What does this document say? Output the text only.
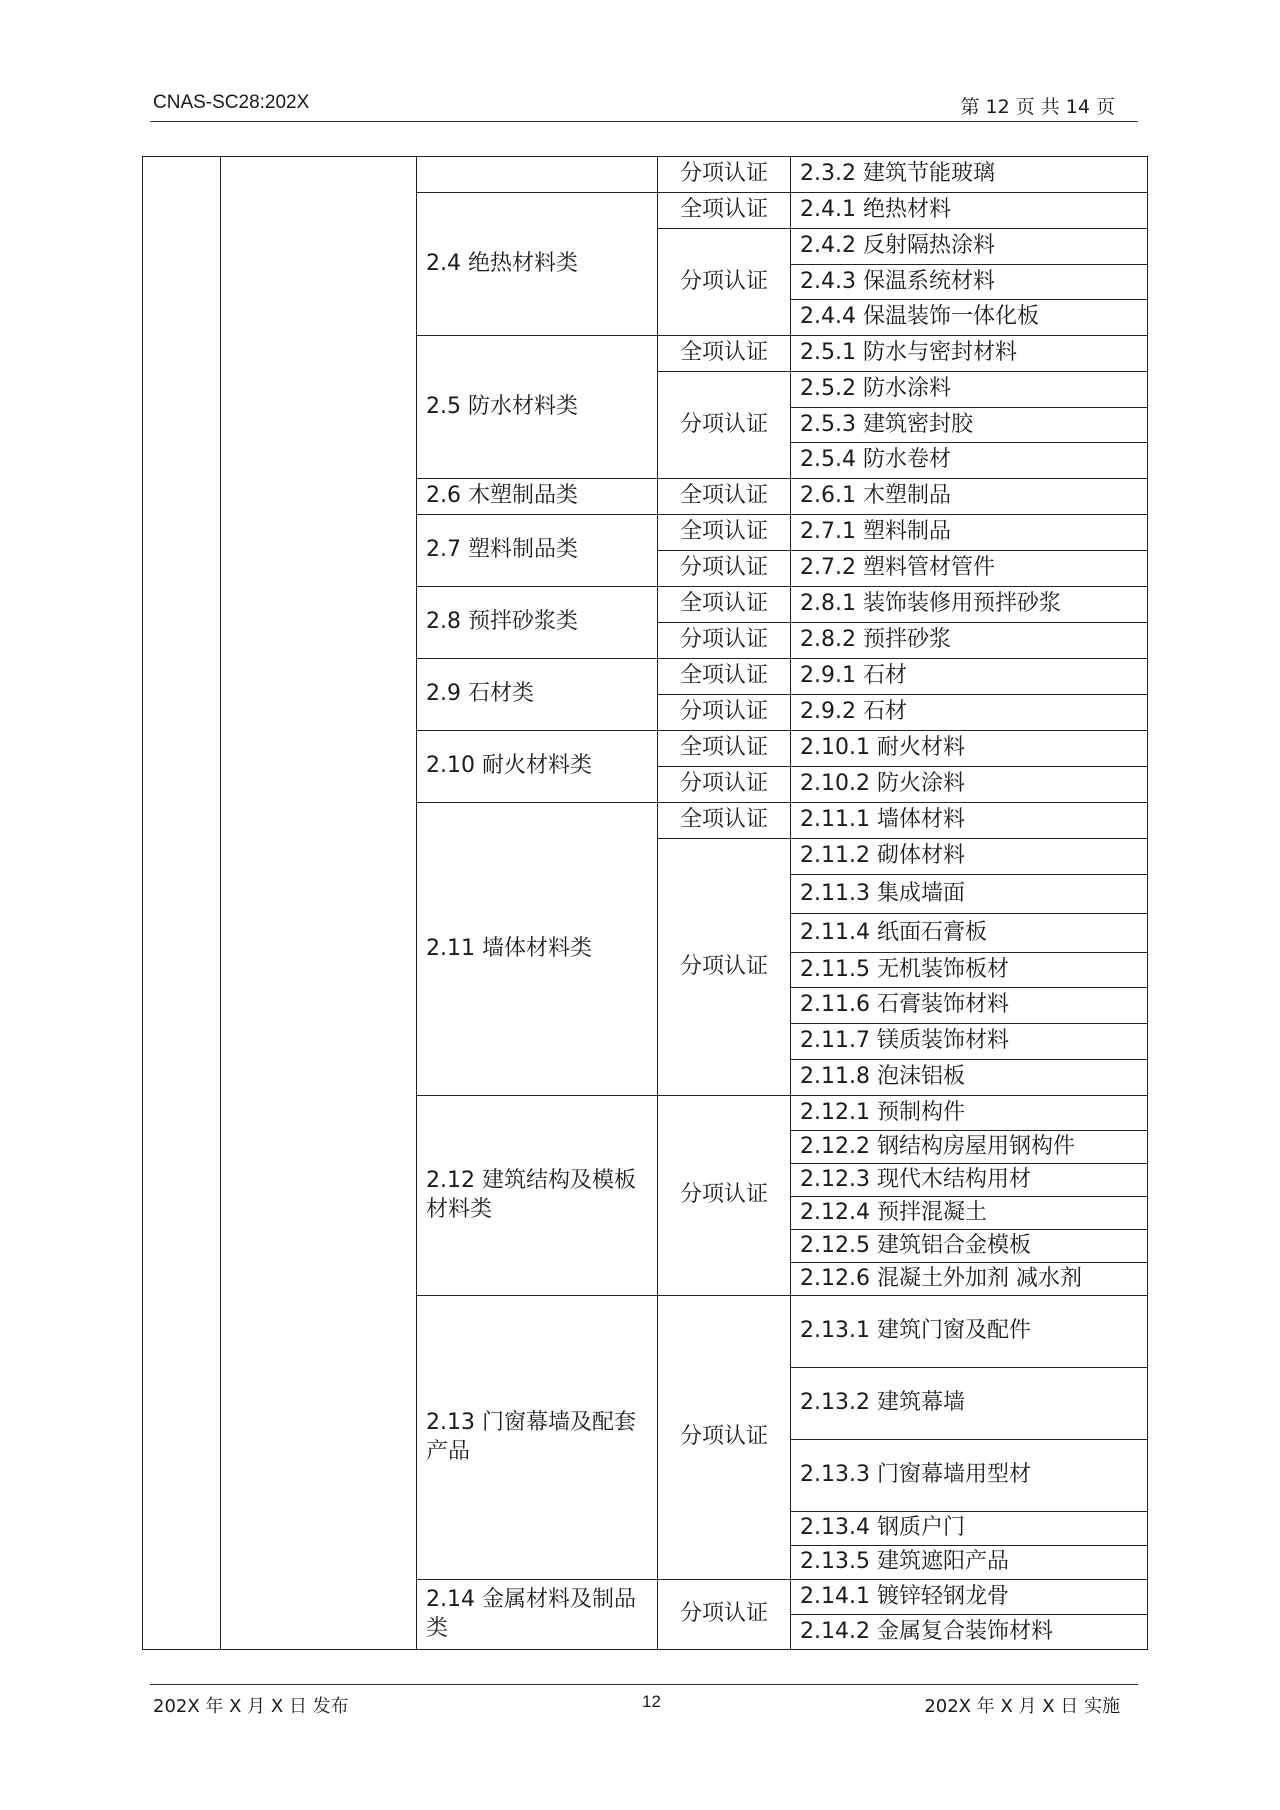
CNAS-SC28:202X	第 12 页 共 14 页
			分项认证	2.3.2 建筑节能玻璃
		2.4 绝热材料类	全项认证	2.4.1 绝热材料
			分项认证	2.4.2 反射隔热涂料
				2.4.3 保温系统材料
				2.4.4 保温装饰一体化板
		2.5 防水材料类	全项认证	2.5.1 防水与密封材料
			分项认证	2.5.2 防水涂料
				2.5.3 建筑密封胶
				2.5.4 防水卷材
		2.6 木塑制品类	全项认证	2.6.1 木塑制品
		2.7 塑料制品类	全项认证	2.7.1 塑料制品
			分项认证	2.7.2 塑料管材管件
		2.8 预拌砂浆类	全项认证	2.8.1 装饰装修用预拌砂浆
			分项认证	2.8.2 预拌砂浆
		2.9 石材类	全项认证	2.9.1 石材
			分项认证	2.9.2 石材
		2.10 耐火材料类	全项认证	2.10.1 耐火材料
			分项认证	2.10.2 防火涂料
		2.11 墙体材料类	全项认证	2.11.1 墙体材料
			分项认证	2.11.2 砌体材料
				2.11.3 集成墙面
				2.11.4 纸面石膏板
				2.11.5 无机装饰板材
				2.11.6 石膏装饰材料
				2.11.7 镁质装饰材料
				2.11.8 泡沫铝板
		2.12 建筑结构及模板材料类	分项认证	2.12.1 预制构件
				2.12.2 钢结构房屋用钢构件
				2.12.3 现代木结构用材
				2.12.4 预拌混凝土
				2.12.5 建筑铝合金模板
				2.12.6 混凝土外加剂 减水剂
		2.13 门窗幕墙及配套产品	分项认证	2.13.1 建筑门窗及配件
				2.13.2 建筑幕墙
				2.13.3 门窗幕墙用型材
				2.13.4 钢质户门
				2.13.5 建筑遮阳产品
		2.14 金属材料及制品类	分项认证	2.14.1 镀锌轻钢龙骨
				2.14.2 金属复合装饰材料
202X 年 X 月 X 日 发布	12	202X 年 X 月 X 日 实施
